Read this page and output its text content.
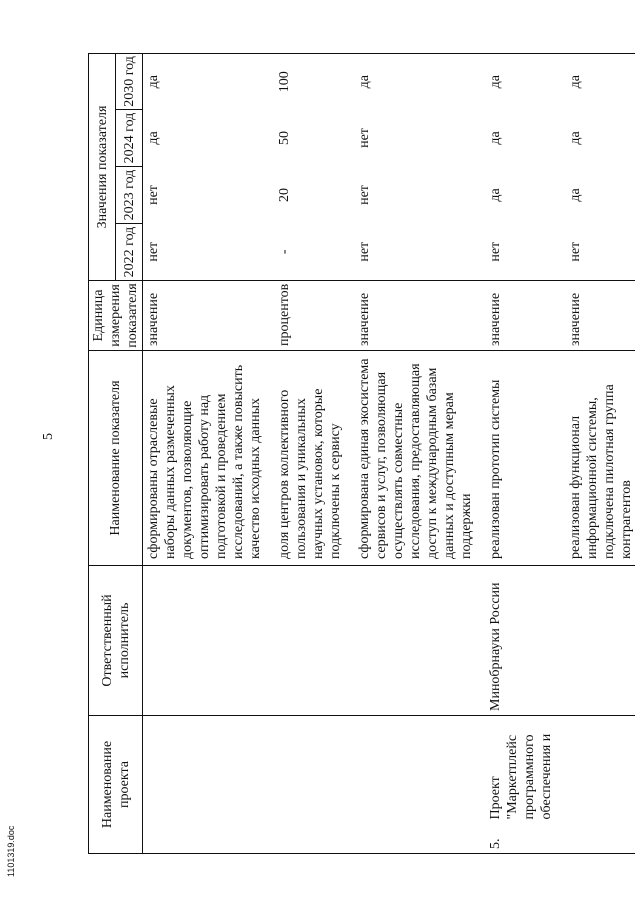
5
1101319.doc
Наименование проекта		Ответственный исполнитель	Наименование показателя	Единица измерения показателя	Значения показателя			
					2022 год	2023 год	2024 год	2030 год
			сформированы отраслевые наборы данных размеченных документов, позволяющие оптимизировать работу над подготовкой и проведением исследований, а также повысить качество исходных данных	значение	нет	нет	да	да
			доля центров коллективного пользования и уникальных научных установок, которые подключены к сервису	процентов	-	20	50	100
			сформирована единая экосистема сервисов и услуг, позволяющая осуществлять совместные исследования, предоставляющая доступ к международным базам данных и доступным мерам поддержки	значение	нет	нет	нет	да
5.	Проект "Маркетплейс программного обеспечения и	Минобрнауки России	реализован прототип системы	значение	нет	да	да	да
			реализован функционал информационной системы, подключена пилотная группа контрагентов	значение	нет	да	да	да
